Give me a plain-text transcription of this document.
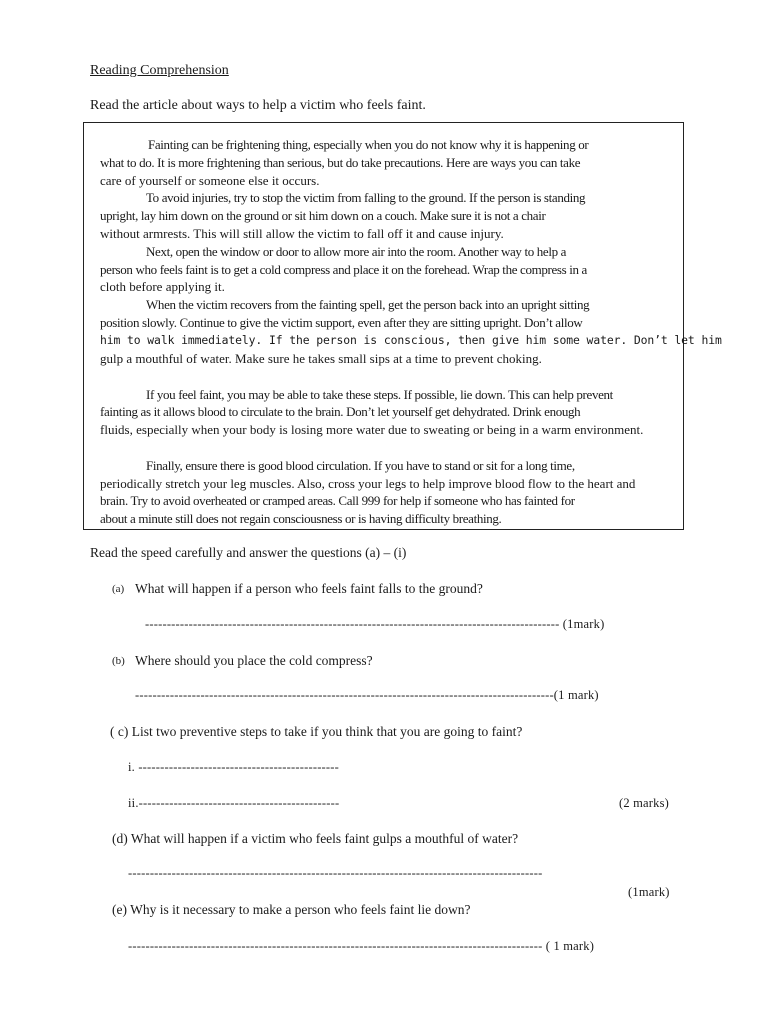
Reading Comprehension
Read the article about ways to help a victim who feels faint.
Fainting can be frightening thing, especially when you do not know why it is happening or
what to do. It is more frightening than serious, but do take precautions. Here are ways you can take
care of yourself or someone else it occurs.
To avoid injuries, try to stop the victim from falling to the ground. If the person is standing
upright, lay him down on the ground or sit him down on a couch. Make sure it is not a chair
without armrests. This will still allow the victim to fall off it and cause injury.
Next, open the window or door to allow more air into the room. Another way to help a
person who feels faint is to get a cold compress and place it on the forehead. Wrap the compress in a
cloth before applying it.
When the victim recovers from the fainting spell, get the person back into an upright sitting
position slowly. Continue to give the victim support, even after they are sitting upright. Don’t allow
him to walk immediately. If the person is conscious, then give him some water. Don’t let him
gulp a mouthful of water. Make sure he takes small sips at a time to prevent choking.
If you feel faint, you may be able to take these steps. If possible, lie down. This can help prevent
fainting as it allows blood to circulate to the brain. Don’t let yourself get dehydrated. Drink enough
fluids, especially when your body is losing more water due to sweating or being in a warm environment.
Finally, ensure there is good blood circulation. If you have to stand or sit for a long time,
periodically stretch your leg muscles. Also, cross your legs to help improve blood flow to the heart and
brain. Try to avoid overheated or cramped areas. Call 999 for help if someone who has fainted for
about a minute still does not regain consciousness or is having difficulty breathing.
Read the speed carefully and answer the questions (a) – (i)
(a) What will happen if a person who feels faint falls to the ground?
----------------------------------------------------------------------------------------------- (1mark)
(b) Where should you place the cold compress?
------------------------------------------------------------------------------------------------(1 mark)
( c) List two preventive steps to take if you think that you are going to faint?
i. ----------------------------------------------
ii.----------------------------------------------	(2 marks)
(d) What will happen if a victim who feels faint gulps a mouthful of water?
-----------------------------------------------------------------------------------------------
(1mark)
(e) Why is it necessary to make a person who feels faint lie down?
----------------------------------------------------------------------------------------------- ( 1 mark)
